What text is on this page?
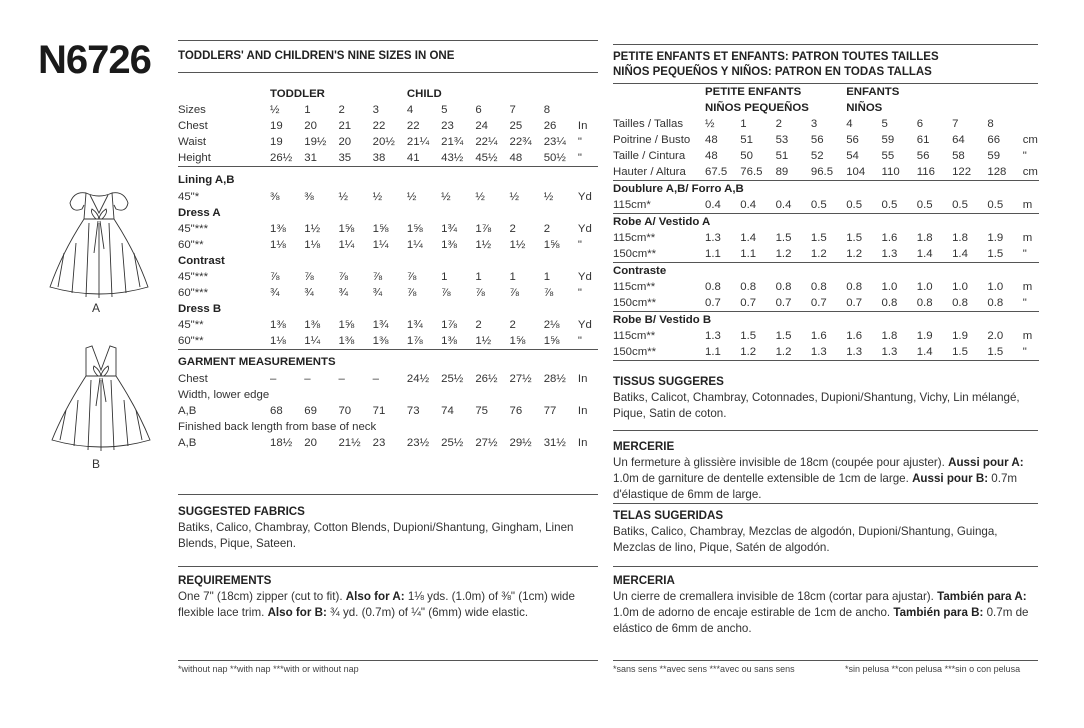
N6726
A
B
TODDLERS' AND CHILDREN'S NINE SIZES IN ONE
	TODDLER				CHILD					
Sizes	½	1	2	3	4	5	6	7	8	
Chest	19	20	21	22	22	23	24	25	26	In
Waist	19	19½	20	20½	21¼	21¾	22¼	22¾	23¼	"
Height	26½	31	35	38	41	43½	45½	48	50½	"
Lining A,B										
45"*	⅜	⅜	½	½	½	½	½	½	½	Yd
Dress A										
45"***	1⅜	1½	1⅝	1⅝	1⅝	1¾	1⅞	2	2	Yd
60"**	1⅛	1⅛	1¼	1¼	1¼	1⅜	1½	1½	1⅝	"
Contrast										
45"***	⅞	⅞	⅞	⅞	⅞	1	1	1	1	Yd
60"***	¾	¾	¾	¾	⅞	⅞	⅞	⅞	⅞	"
Dress B										
45"**	1⅜	1⅜	1⅝	1¾	1¾	1⅞	2	2	2⅛	Yd
60"**	1⅛	1¼	1⅜	1⅜	1⅞	1⅜	1½	1⅝	1⅝	"
GARMENT MEASUREMENTS										
Chest	–	–	–	–	24½	25½	26½	27½	28½	In
Width, lower edge										
A,B	68	69	70	71	73	74	75	76	77	In
Finished back length from base of neck										
A,B	18½	20	21½	23	23½	25½	27½	29½	31½	In
SUGGESTED FABRICS
Batiks, Calico, Chambray, Cotton Blends, Dupioni/Shantung, Gingham, Linen Blends, Pique, Sateen.
REQUIREMENTS
One 7" (18cm) zipper (cut to fit). Also for A: 1⅛ yds. (1.0m) of ⅜" (1cm) wide flexible lace trim. Also for B: ¾ yd. (0.7m) of ¼" (6mm) wide elastic.
*without nap **with nap ***with or without nap
PETITE ENFANTS ET ENFANTS: PATRON TOUTES TAILLES
NIÑOS PEQUEÑOS Y NIÑOS: PATRON EN TODAS TALLAS
	PETITE ENFANTS				ENFANTS					
	NIÑOS PEQUEÑOS				NIÑOS					
Tailles / Tallas	½	1	2	3	4	5	6	7	8	
Poitrine / Busto	48	51	53	56	56	59	61	64	66	cm
Taille / Cintura	48	50	51	52	54	55	56	58	59	"
Hauter / Altura	67.5	76.5	89	96.5	104	110	116	122	128	cm
Doublure A,B/ Forro A,B										
115cm*	0.4	0.4	0.4	0.5	0.5	0.5	0.5	0.5	0.5	m
Robe A/ Vestido A										
115cm**	1.3	1.4	1.5	1.5	1.5	1.6	1.8	1.8	1.9	m
150cm**	1.1	1.1	1.2	1.2	1.2	1.3	1.4	1.4	1.5	"
Contraste										
115cm**	0.8	0.8	0.8	0.8	0.8	1.0	1.0	1.0	1.0	m
150cm**	0.7	0.7	0.7	0.7	0.7	0.8	0.8	0.8	0.8	"
Robe B/ Vestido B										
115cm**	1.3	1.5	1.5	1.6	1.6	1.8	1.9	1.9	2.0	m
150cm**	1.1	1.2	1.2	1.3	1.3	1.3	1.4	1.5	1.5	"

TISSUS SUGGERES
Batiks, Calicot, Chambray, Cotonnades, Dupioni/Shantung, Vichy, Lin mélangé, Pique, Satin de coton.
MERCERIE
Un fermeture à glissière invisible de 18cm (coupée pour ajuster). Aussi pour A: 1.0m de garniture de dentelle extensible de 1cm de large. Aussi pour B: 0.7m d'élastique de 6mm de large.
TELAS SUGERIDAS
Batiks, Calico, Chambray, Mezclas de algodón, Dupioni/Shantung, Guinga, Mezclas de lino, Pique, Satén de algodón.
MERCERIA
Un cierre de cremallera invisible de 18cm (cortar para ajustar). También para A: 1.0m de adorno de encaje estirable de 1cm de ancho. También para B: 0.7m de elástico de 6mm de ancho.
*sans sens **avec sens ***avec ou sans sens	*sin pelusa **con pelusa ***sin o con pelusa
